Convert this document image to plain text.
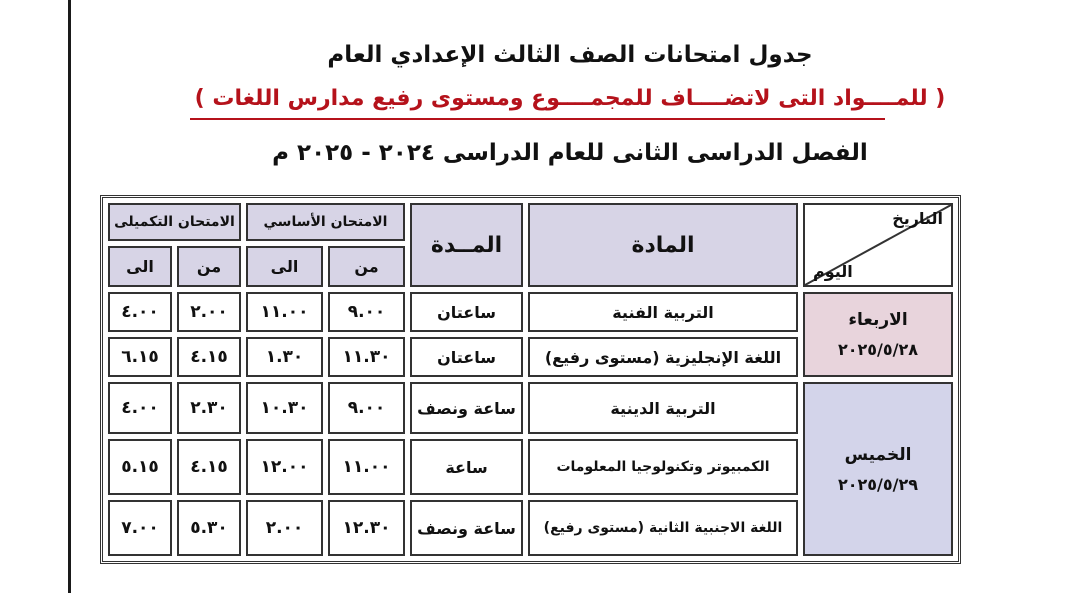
جدول امتحانات الصف الثالث الإعدادي العام
( للمــــواد التى لاتضــــاف للمجمــــوع ومستوى رفيع مدارس اللغات )
الفصل الدراسى الثانى للعام الدراسى ٢٠٢٤ - ٢٠٢٥ م
التاريخ
اليوم	المادة	المــدة	الامتحان الأساسي		الامتحان التكميلى	
			من	الى	من	الى

الاربعاء
٢٠٢٥/٥/٢٨	التربية الفنية	ساعتان	٩.٠٠	١١.٠٠	٢.٠٠	٤.٠٠
	اللغة الإنجليزية (مستوى رفيع)	ساعتان	١١.٣٠	١.٣٠	٤.١٥	٦.١٥

الخميس
٢٠٢٥/٥/٢٩	التربية الدينية	ساعة ونصف	٩.٠٠	١٠.٣٠	٢.٣٠	٤.٠٠
	الكمبيوتر وتكنولوجيا المعلومات	ساعة	١١.٠٠	١٢.٠٠	٤.١٥	٥.١٥
	اللغة الاجنبية الثانية (مستوى رفيع)	ساعة ونصف	١٢.٣٠	٢.٠٠	٥.٣٠	٧.٠٠
